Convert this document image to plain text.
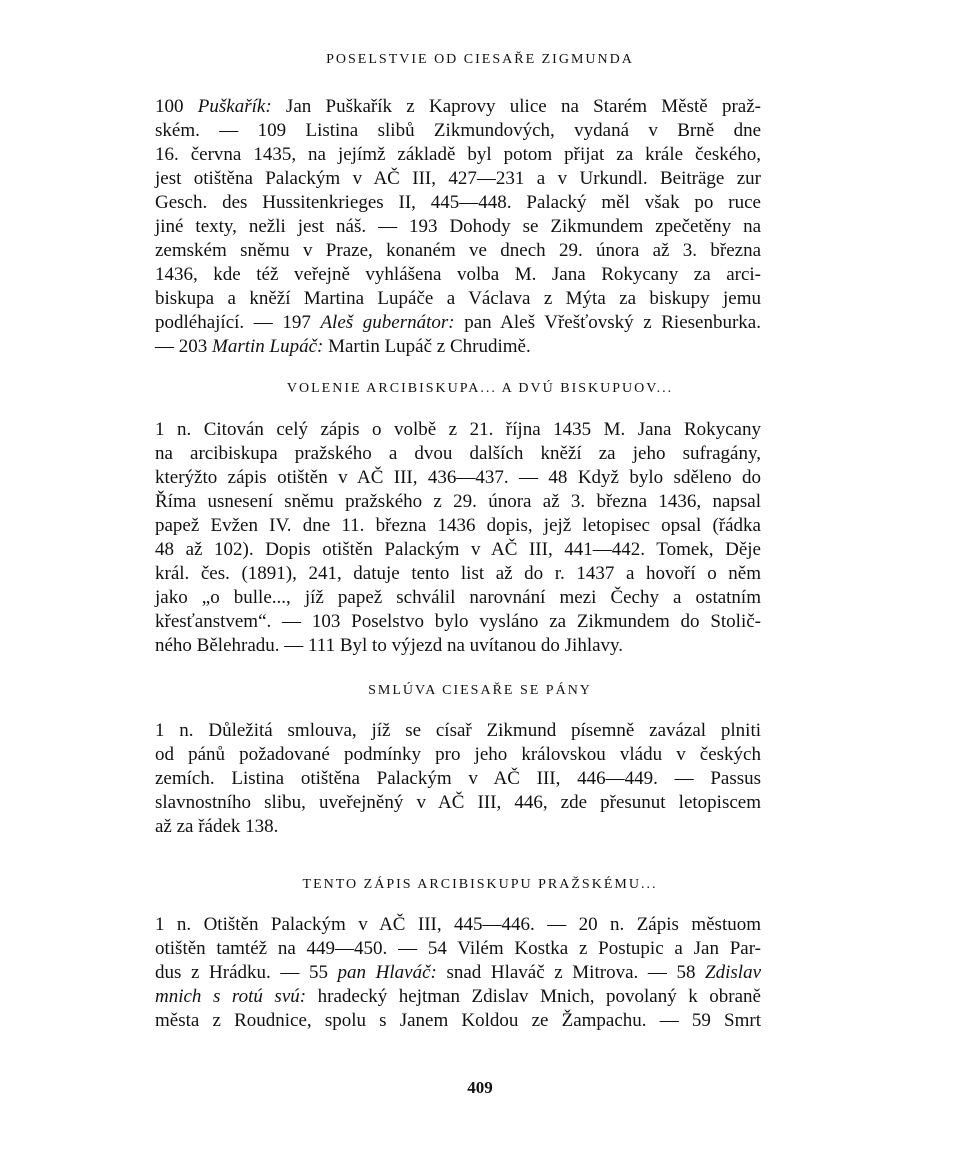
POSELSTVIE OD CIESAŘE ZIGMUNDA
100 Puškařík: Jan Puškařík z Kaprovy ulice na Starém Městě praž-
ském. — 109 Listina slibů Zikmundových, vydaná v Brně dne
16. června 1435, na jejímž základě byl potom přijat za krále českého,
jest otištěna Palackým v AČ III, 427—231 a v Urkundl. Beiträge zur
Gesch. des Hussitenkrieges II, 445—448. Palacký měl však po ruce
jiné texty, nežli jest náš. — 193 Dohody se Zikmundem zpečetěny na
zemském sněmu v Praze, konaném ve dnech 29. února až 3. března
1436, kde též veřejně vyhlášena volba M. Jana Rokycany za arci-
biskupa a kněží Martina Lupáče a Václava z Mýta za biskupy jemu
podléhající. — 197 Aleš gubernátor: pan Aleš Vřešťovský z Riesenburka.
— 203 Martin Lupáč: Martin Lupáč z Chrudimě.
VOLENIE ARCIBISKUPA... A DVÚ BISKUPUOV...
1 n. Citován celý zápis o volbě z 21. října 1435 M. Jana Rokycany
na arcibiskupa pražského a dvou dalších kněží za jeho sufragány,
kterýžto zápis otištěn v AČ III, 436—437. — 48 Když bylo sděleno do
Říma usnesení sněmu pražského z 29. února až 3. března 1436, napsal
papež Evžen IV. dne 11. března 1436 dopis, jejž letopisec opsal (řádka
48 až 102). Dopis otištěn Palackým v AČ III, 441—442. Tomek, Děje
král. čes. (1891), 241, datuje tento list až do r. 1437 a hovoří o něm
jako „o bulle..., jíž papež schválil narovnání mezi Čechy a ostatním
křesťanstvem“. — 103 Poselstvo bylo vysláno za Zikmundem do Stolič-
ného Bělehradu. — 111 Byl to výjezd na uvítanou do Jihlavy.
SMLÚVA CIESAŘE SE PÁNY
1 n. Důležitá smlouva, jíž se císař Zikmund písemně zavázal plniti
od pánů požadované podmínky pro jeho královskou vládu v českých
zemích. Listina otištěna Palackým v AČ III, 446—449. — Passus
slavnostního slibu, uveřejněný v AČ III, 446, zde přesunut letopiscem
až za řádek 138.
TENTO ZÁPIS ARCIBISKUPU PRAŽSKÉMU...
1 n. Otištěn Palackým v AČ III, 445—446. — 20 n. Zápis městuom
otištěn tamtéž na 449—450. — 54 Vilém Kostka z Postupic a Jan Par-
dus z Hrádku. — 55 pan Hlaváč: snad Hlaváč z Mitrova. — 58 Zdislav
mnich s rotú svú: hradecký hejtman Zdislav Mnich, povolaný k obraně
města z Roudnice, spolu s Janem Koldou ze Žampachu. — 59 Smrt
409
